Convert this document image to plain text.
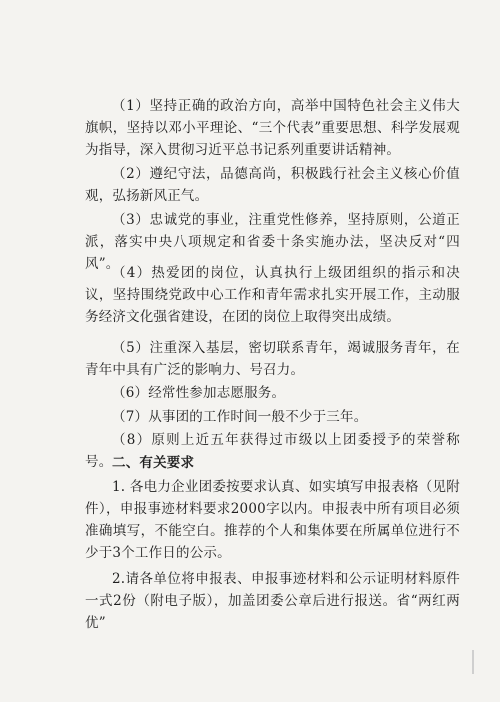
（1）坚持正确的政治方向，高举中国特色社会主义伟大旗帜，坚持以邓小平理论、“三个代表”重要思想、科学发展观为指导，深入贯彻习近平总书记系列重要讲话精神。

（2）遵纪守法，品德高尚，积极践行社会主义核心价值观，弘扬新风正气。

（3）忠诚党的事业，注重党性修养，坚持原则，公道正派，落实中央八项规定和省委十条实施办法，坚决反对“四风”。

（4）热爱团的岗位，认真执行上级团组织的指示和决议，坚持围绕党政中心工作和青年需求扎实开展工作，主动服务经济文化强省建设，在团的岗位上取得突出成绩。

（5）注重深入基层，密切联系青年，竭诚服务青年，在青年中具有广泛的影响力、号召力。

（6）经常性参加志愿服务。

（7）从事团的工作时间一般不少于三年。

（8）原则上近五年获得过市级以上团委授予的荣誉称号。 二、有关要求

1. 各电力企业团委按要求认真、如实填写申报表格（见附件），申报事迹材料要求2000字以内。申报表中所有项目必须准确填写，不能空白。推荐的个人和集体要在所属单位进行不少于3个工作日的公示。

2.请各单位将申报表、申报事迹材料和公示证明材料原件一式2份（附电子版），加盖团委公章后进行报送。省“两红两优”
